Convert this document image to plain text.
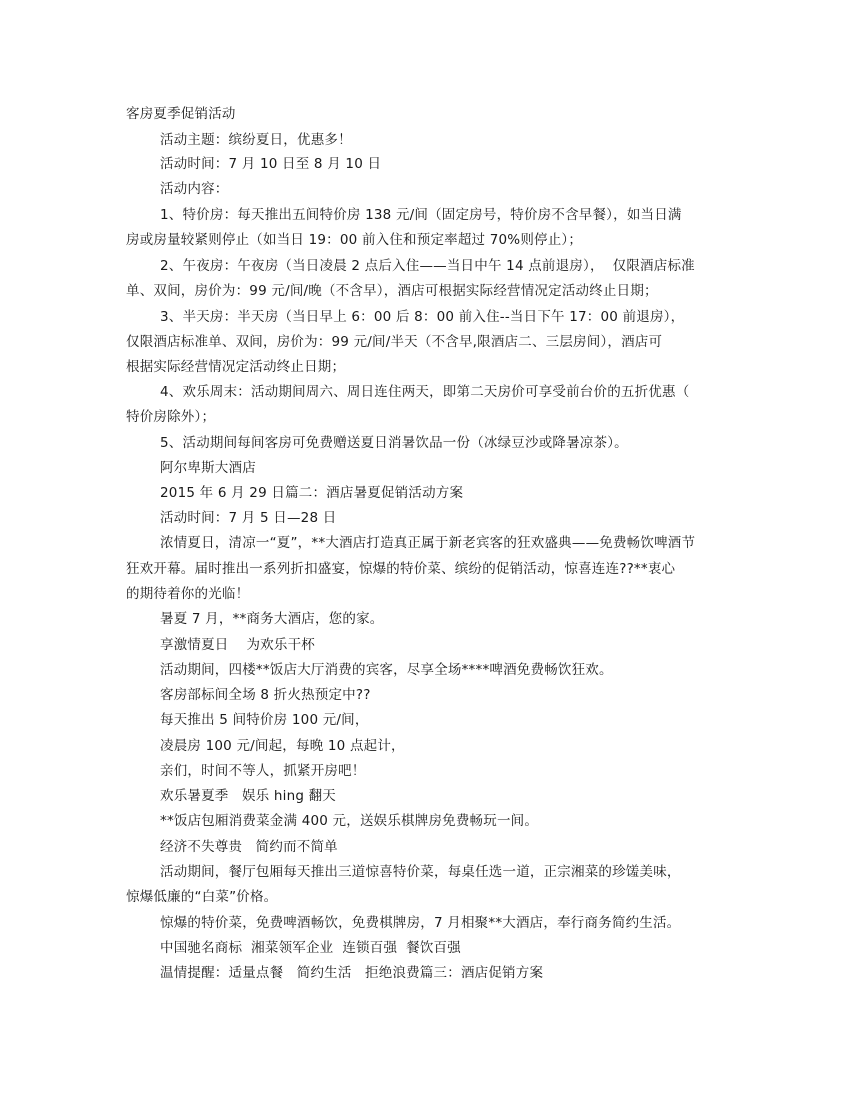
客房夏季促销活动
活动主题：缤纷夏日，优惠多！
活动时间：7 月 10 日至 8 月 10 日
活动内容：
1、特价房：每天推出五间特价房 138 元/间（固定房号，特价房不含早餐），如当日满
房或房量较紧则停止（如当日 19：00 前入住和预定率超过 70%则停止）；
2、午夜房：午夜房（当日凌晨 2 点后入住——当日中午 14 点前退房），  仅限酒店标准
单、双间，房价为：99 元/间/晚（不含早），酒店可根据实际经营情况定活动终止日期；
3、半天房：半天房（当日早上 6：00 后 8：00 前入住--当日下午 17：00 前退房），
仅限酒店标准单、双间，房价为：99 元/间/半天（不含早,限酒店二、三层房间），酒店可
根据实际经营情况定活动终止日期；
4、欢乐周末：活动期间周六、周日连住两天，即第二天房价可享受前台价的五折优惠（
特价房除外）；
5、活动期间每间客房可免费赠送夏日消暑饮品一份（冰绿豆沙或降暑凉茶）。
阿尔卑斯大酒店
2015 年 6 月 29 日篇二：酒店暑夏促销活动方案
活动时间：7 月 5 日—28 日
浓情夏日，清凉一“夏”，**大酒店打造真正属于新老宾客的狂欢盛典——免费畅饮啤酒节
狂欢开幕。届时推出一系列折扣盛宴，惊爆的特价菜、缤纷的促销活动，惊喜连连??**衷心
的期待着你的光临！
暑夏 7 月，**商务大酒店，您的家。
享激情夏日    为欢乐干杯
活动期间，四楼**饭店大厅消费的宾客，尽享全场****啤酒免费畅饮狂欢。
客房部标间全场 8 折火热预定中??
每天推出 5 间特价房 100 元/间，
凌晨房 100 元/间起，每晚 10 点起计，
亲们，时间不等人，抓紧开房吧！
欢乐暑夏季   娱乐 hing 翻天
**饭店包厢消费菜金满 400 元，送娱乐棋牌房免费畅玩一间。
经济不失尊贵   简约而不简单
活动期间，餐厅包厢每天推出三道惊喜特价菜，每桌任选一道，正宗湘菜的珍馐美味，
惊爆低廉的“白菜”价格。
惊爆的特价菜，免费啤酒畅饮，免费棋牌房，7 月相聚**大酒店，奉行商务简约生活。
中国驰名商标  湘菜领军企业  连锁百强  餐饮百强
温情提醒：适量点餐   简约生活   拒绝浪费篇三：酒店促销方案
